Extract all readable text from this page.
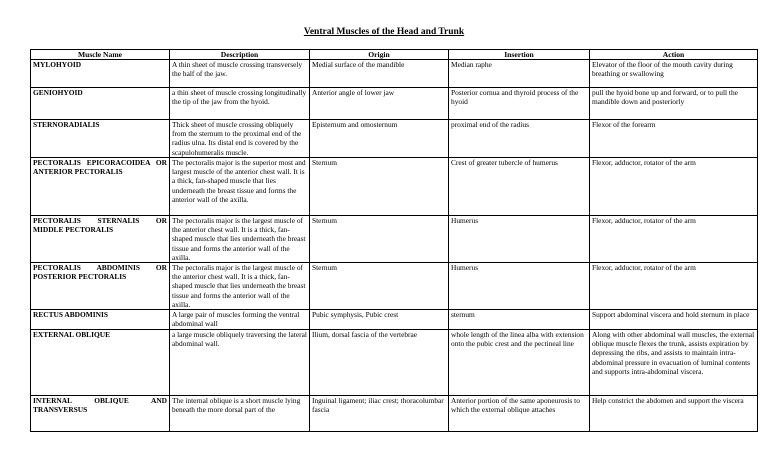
Ventral Muscles of the Head and Trunk
Muscle Name	Description	Origin	Insertion	Action
MYLOHYOID	A thin sheet of muscle crossing transversely the half of the jaw.	Medial surface of the mandible	Median raphe	Elevator of the floor of the mouth cavity during breathing or swallowing
GENIOHYOID	a thin sheet of muscle crossing longitudinally the tip of the jaw from the hyoid.	Anterior angle of lower jaw	Posterior cornua and thyroid process of the hyoid	pull the hyoid bone up and forward, or to pull the mandible down and posteriorly
STERNORADIALIS	Thick sheet of muscle crossing obliquely from the sternum to the proximal end of the radius ulna. Its distal end is covered by the scapulohumeralis muscle.	Episternum and omosternum	proximal end of the radius	Flexor of the forearm
PECTORALIS EPICORACOIDEA OR ANTERIOR PECTORALIS	The pectoralis major is the superior most and largest muscle of the anterior chest wall. It is a thick, fan-shaped muscle that lies underneath the breast tissue and forms the anterior wall of the axilla.	Sternum	Crest of greater tubercle of humerus	Flexor, adductor, rotator of the arm
PECTORALIS STERNALIS OR MIDDLE PECTORALIS	The pectoralis major is the largest muscle of the anterior chest wall. It is a thick, fan-shaped muscle that lies underneath the breast tissue and forms the anterior wall of the axilla.	Sternum	Humerus	Flexor, adductor, rotator of the arm
PECTORALIS ABDOMINIS OR POSTERIOR PECTORALIS	The pectoralis major is the largest muscle of the anterior chest wall. It is a thick, fan-shaped muscle that lies underneath the breast tissue and forms the anterior wall of the axilla.	Sternum	Humerus	Flexor, adductor, rotator of the arm
RECTUS ABDOMINIS	A large pair of muscles forming the ventral abdominal wall	Pubic symphysis, Pubic crest	sternum	Support abdominal viscera and hold sternum in place
EXTERNAL OBLIQUE	a large muscle obliquely traversing the lateral abdominal wall.	Ilium, dorsal fascia of the vertebrae	whole length of the linea alba with extension onto the pubic crest and the pectineal line	Along with other abdominal wall muscles, the external oblique muscle flexes the trunk, assists expiration by depressing the ribs, and assists to maintain intra-abdominal pressure in evacuation of luminal contents and supports intra-abdominal viscera.
INTERNAL OBLIQUE AND TRANSVERSUS	The internal oblique is a short muscle lying beneath the more dorsal part of the	Inguinal ligament; iliac crest; thoracolumbar fascia	Anterior portion of the same aponeurosis to which the external oblique attaches	Help constrict the abdomen and support the viscera
